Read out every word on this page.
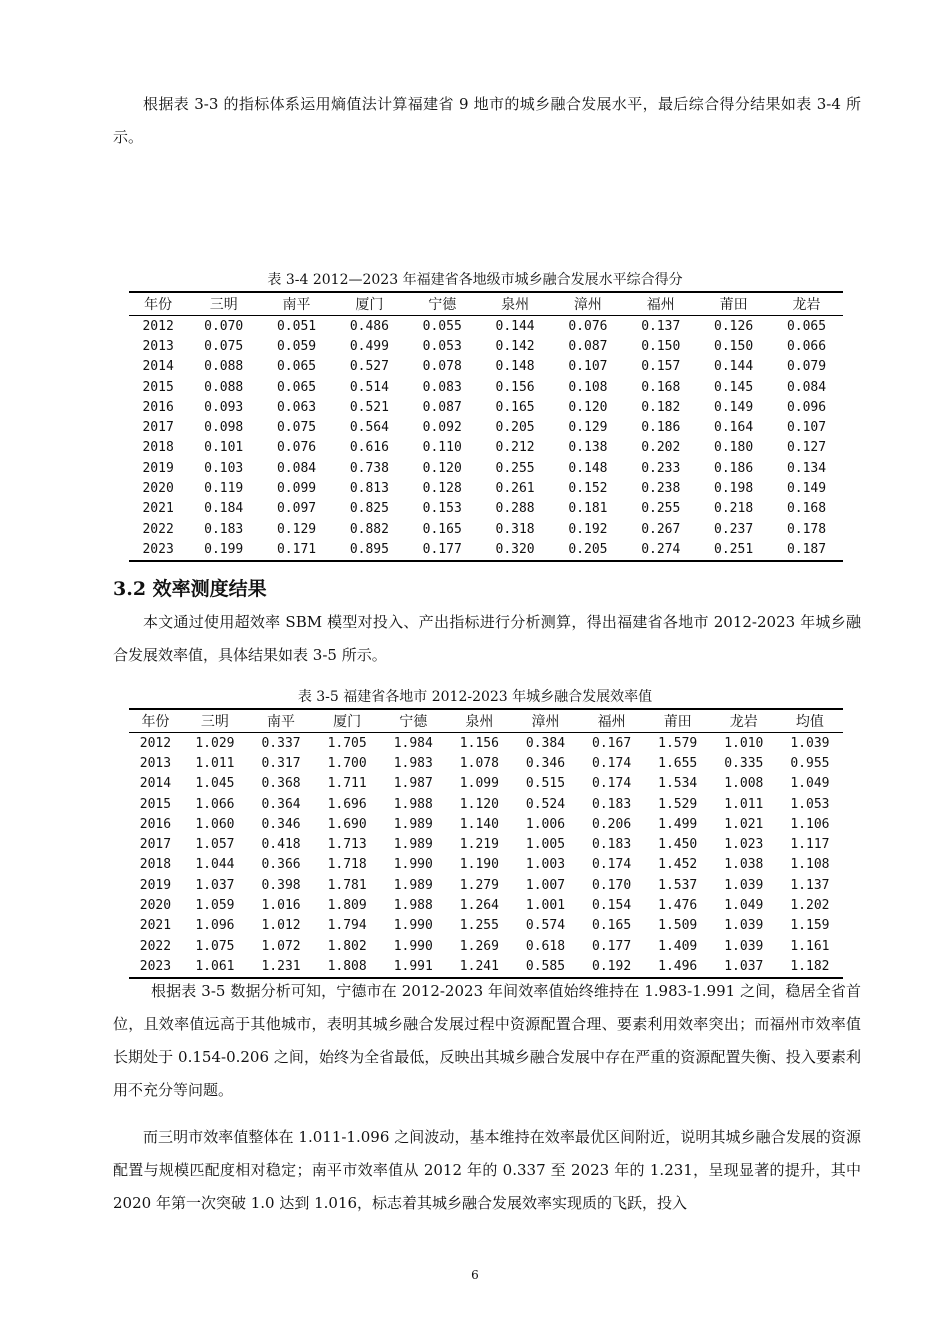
根据表 3-3 的指标体系运用熵值法计算福建省 9 地市的城乡融合发展水平，最后综合得分结果如表 3-4 所示。

表 3-4 2012—2023 年福建省各地级市城乡融合发展水平综合得分

年份	三明	南平	厦门	宁德	泉州	漳州	福州	莆田	龙岩
2012	0.070	0.051	0.486	0.055	0.144	0.076	0.137	0.126	0.065
2013	0.075	0.059	0.499	0.053	0.142	0.087	0.150	0.150	0.066
2014	0.088	0.065	0.527	0.078	0.148	0.107	0.157	0.144	0.079
2015	0.088	0.065	0.514	0.083	0.156	0.108	0.168	0.145	0.084
2016	0.093	0.063	0.521	0.087	0.165	0.120	0.182	0.149	0.096
2017	0.098	0.075	0.564	0.092	0.205	0.129	0.186	0.164	0.107
2018	0.101	0.076	0.616	0.110	0.212	0.138	0.202	0.180	0.127
2019	0.103	0.084	0.738	0.120	0.255	0.148	0.233	0.186	0.134
2020	0.119	0.099	0.813	0.128	0.261	0.152	0.238	0.198	0.149
2021	0.184	0.097	0.825	0.153	0.288	0.181	0.255	0.218	0.168
2022	0.183	0.129	0.882	0.165	0.318	0.192	0.267	0.237	0.178
2023	0.199	0.171	0.895	0.177	0.320	0.205	0.274	0.251	0.187

3.2 效率测度结果

本文通过使用超效率 SBM 模型对投入、产出指标进行分析测算，得出福建省各地市 2012-2023 年城乡融合发展效率值，具体结果如表 3-5 所示。

表 3-5 福建省各地市 2012-2023 年城乡融合发展效率值

年份	三明	南平	厦门	宁德	泉州	漳州	福州	莆田	龙岩	均值
2012	1.029	0.337	1.705	1.984	1.156	0.384	0.167	1.579	1.010	1.039
2013	1.011	0.317	1.700	1.983	1.078	0.346	0.174	1.655	0.335	0.955
2014	1.045	0.368	1.711	1.987	1.099	0.515	0.174	1.534	1.008	1.049
2015	1.066	0.364	1.696	1.988	1.120	0.524	0.183	1.529	1.011	1.053
2016	1.060	0.346	1.690	1.989	1.140	1.006	0.206	1.499	1.021	1.106
2017	1.057	0.418	1.713	1.989	1.219	1.005	0.183	1.450	1.023	1.117
2018	1.044	0.366	1.718	1.990	1.190	1.003	0.174	1.452	1.038	1.108
2019	1.037	0.398	1.781	1.989	1.279	1.007	0.170	1.537	1.039	1.137
2020	1.059	1.016	1.809	1.988	1.264	1.001	0.154	1.476	1.049	1.202
2021	1.096	1.012	1.794	1.990	1.255	0.574	0.165	1.509	1.039	1.159
2022	1.075	1.072	1.802	1.990	1.269	0.618	0.177	1.409	1.039	1.161
2023	1.061	1.231	1.808	1.991	1.241	0.585	0.192	1.496	1.037	1.182

根据表 3-5 数据分析可知，宁德市在 2012-2023 年间效率值始终维持在 1.983-1.991 之间，稳居全省首位，且效率值远高于其他城市，表明其城乡融合发展过程中资源配置合理、要素利用效率突出；而福州市效率值长期处于 0.154-0.206 之间，始终为全省最低，反映出其城乡融合发展中存在严重的资源配置失衡、投入要素利用不充分等问题。

而三明市效率值整体在 1.011-1.096 之间波动，基本维持在效率最优区间附近，说明其城乡融合发展的资源配置与规模匹配度相对稳定；南平市效率值从 2012 年的 0.337 至 2023 年的 1.231，呈现显著的提升，其中 2020 年第一次突破 1.0 达到 1.016，标志着其城乡融合发展效率实现质的飞跃，投入

6
